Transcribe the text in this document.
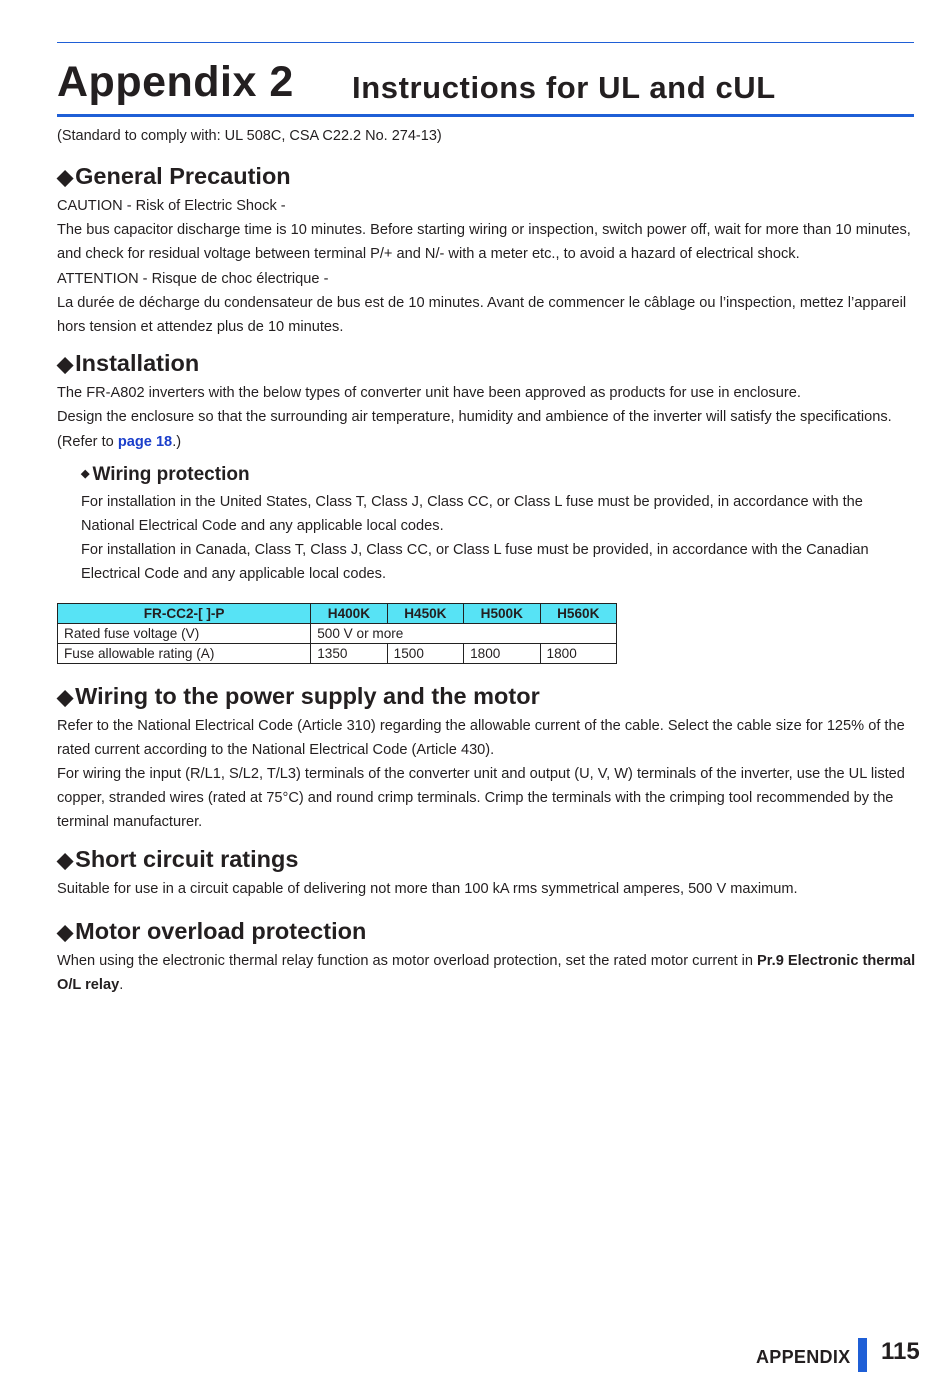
Appendix 2 Instructions for UL and cUL
(Standard to comply with: UL 508C, CSA C22.2 No. 274-13)
◆General Precaution

CAUTION - Risk of Electric Shock -

The bus capacitor discharge time is 10 minutes. Before starting wiring or inspection, switch power off, wait for more than 10 minutes, and check for residual voltage between terminal P/+ and N/- with a meter etc., to avoid a hazard of electrical shock.

ATTENTION - Risque de choc électrique -

La durée de décharge du condensateur de bus est de 10 minutes. Avant de commencer le câblage ou l’inspection, mettez l’appareil hors tension et attendez plus de 10 minutes.

◆Installation

The FR-A802 inverters with the below types of converter unit have been approved as products for use in enclosure.

Design the enclosure so that the surrounding air temperature, humidity and ambience of the inverter will satisfy the specifications. (Refer to page 18.)

◆ Wiring protection

For installation in the United States, Class T, Class J, Class CC, or Class L fuse must be provided, in accordance with the National Electrical Code and any applicable local codes.

For installation in Canada, Class T, Class J, Class CC, or Class L fuse must be provided, in accordance with the Canadian Electrical Code and any applicable local codes.

FR-CC2-[ ]-P	H400K	H450K	H500K	H560K
Rated fuse voltage (V)	500 V or more			
Fuse allowable rating (A)	1350	1500	1800	1800
◆Wiring to the power supply and the motor

Refer to the National Electrical Code (Article 310) regarding the allowable current of the cable. Select the cable size for 125% of the rated current according to the National Electrical Code (Article 430).

For wiring the input (R/L1, S/L2, T/L3) terminals of the converter unit and output (U, V, W) terminals of the inverter, use the UL listed copper, stranded wires (rated at 75°C) and round crimp terminals. Crimp the terminals with the crimping tool recommended by the terminal manufacturer.

◆Short circuit ratings

Suitable for use in a circuit capable of delivering not more than 100 kA rms symmetrical amperes, 500 V maximum.

◆Motor overload protection

When using the electronic thermal relay function as motor overload protection, set the rated motor current in Pr.9 Electronic thermal O/L relay.

APPENDIX 115
